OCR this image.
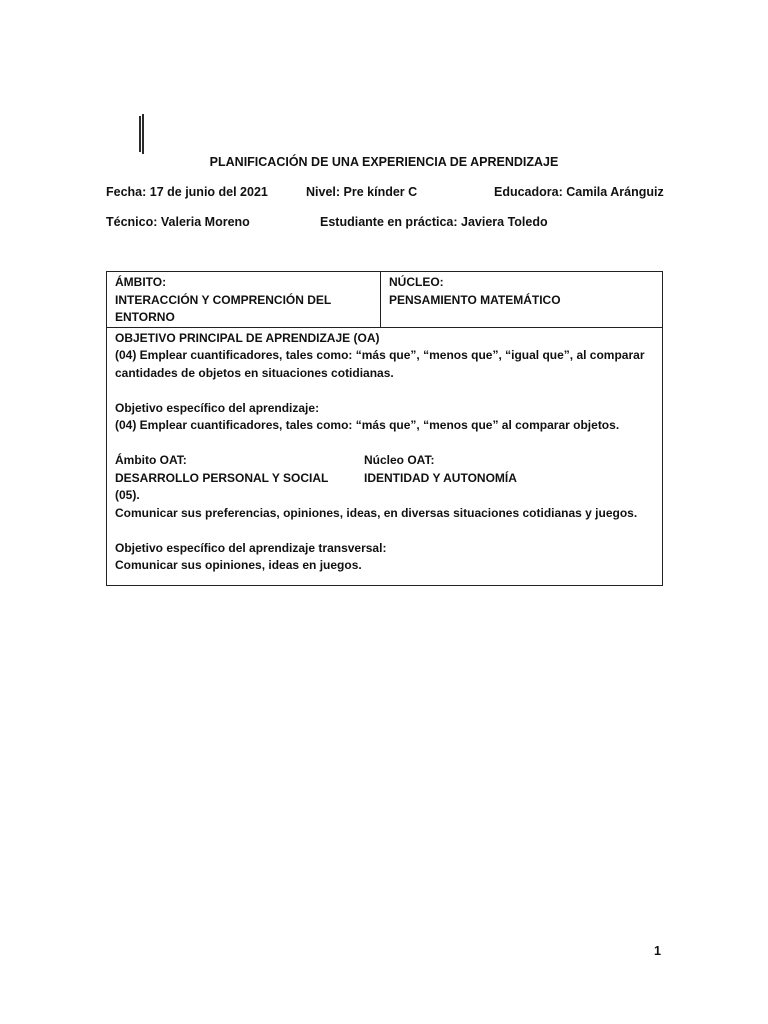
PLANIFICACIÓN DE UNA EXPERIENCIA DE APRENDIZAJE
Fecha: 17 de junio del 2021	Nivel: Pre kínder C	Educadora: Camila Aránguiz
Técnico: Valeria Moreno	Estudiante en práctica: Javiera Toledo
ÁMBITO:
INTERACCIÓN Y COMPRENCIÓN DEL
ENTORNO

NÚCLEO:
PENSAMIENTO MATEMÁTICO

OBJETIVO PRINCIPAL DE APRENDIZAJE (OA)
(04) Emplear cuantificadores, tales como: “más que”, “menos que”, “igual que”, al comparar
cantidades de objetos en situaciones cotidianas.
Objetivo específico del aprendizaje:
(04) Emplear cuantificadores, tales como: “más que”, “menos que” al comparar objetos.
Ámbito OAT:	Núcleo OAT:
DESARROLLO PERSONAL Y SOCIAL	IDENTIDAD Y AUTONOMÍA
(05).
Comunicar sus preferencias, opiniones, ideas, en diversas situaciones cotidianas y juegos.
Objetivo específico del aprendizaje transversal:
Comunicar sus opiniones, ideas en juegos.
1
